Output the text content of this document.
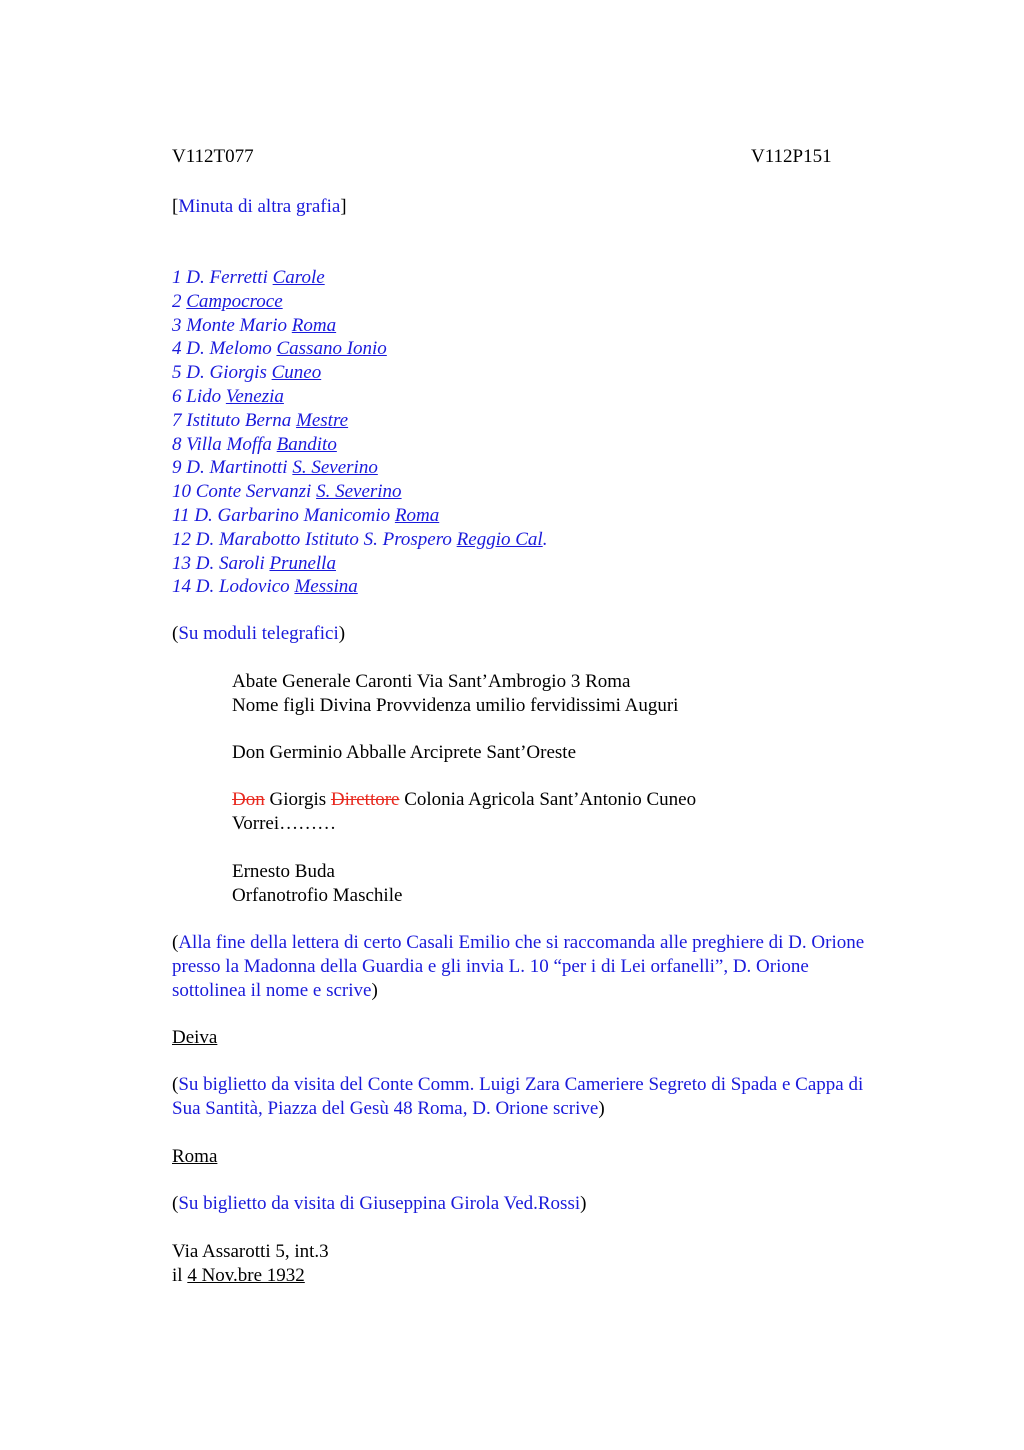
V112T077	V112P151
[Minuta di altra grafia]
1 D. Ferretti Carole
2 Campocroce
3 Monte Mario Roma
4 D. Melomo Cassano Ionio
5 D. Giorgis Cuneo
6 Lido Venezia
7 Istituto Berna Mestre
8 Villa Moffa Bandito
9 D. Martinotti S. Severino
10 Conte Servanzi S. Severino
11 D. Garbarino Manicomio Roma
12 D. Marabotto Istituto S. Prospero Reggio Cal.
13 D. Saroli Prunella
14 D. Lodovico Messina
(Su moduli telegrafici)
Abate Generale Caronti Via Sant’Ambrogio 3 Roma
Nome figli Divina Provvidenza umilio fervidissimi Auguri
Don Germinio Abballe Arciprete Sant’Oreste
Don Giorgis Direttore Colonia Agricola Sant’Antonio Cuneo
Vorrei………
Ernesto Buda
Orfanotrofio Maschile
(Alla fine della lettera di certo Casali Emilio che si raccomanda alle preghiere di D. Orione
presso la Madonna della Guardia e gli invia L. 10 “per i di Lei orfanelli”, D. Orione
sottolinea il nome e scrive)
Deiva
(Su biglietto da visita del Conte Comm. Luigi Zara Cameriere Segreto di Spada e Cappa di
Sua Santità, Piazza del Gesù 48 Roma, D. Orione scrive)
Roma
(Su biglietto da visita di Giuseppina Girola Ved.Rossi)
Via Assarotti 5, int.3
il 4 Nov.bre 1932
